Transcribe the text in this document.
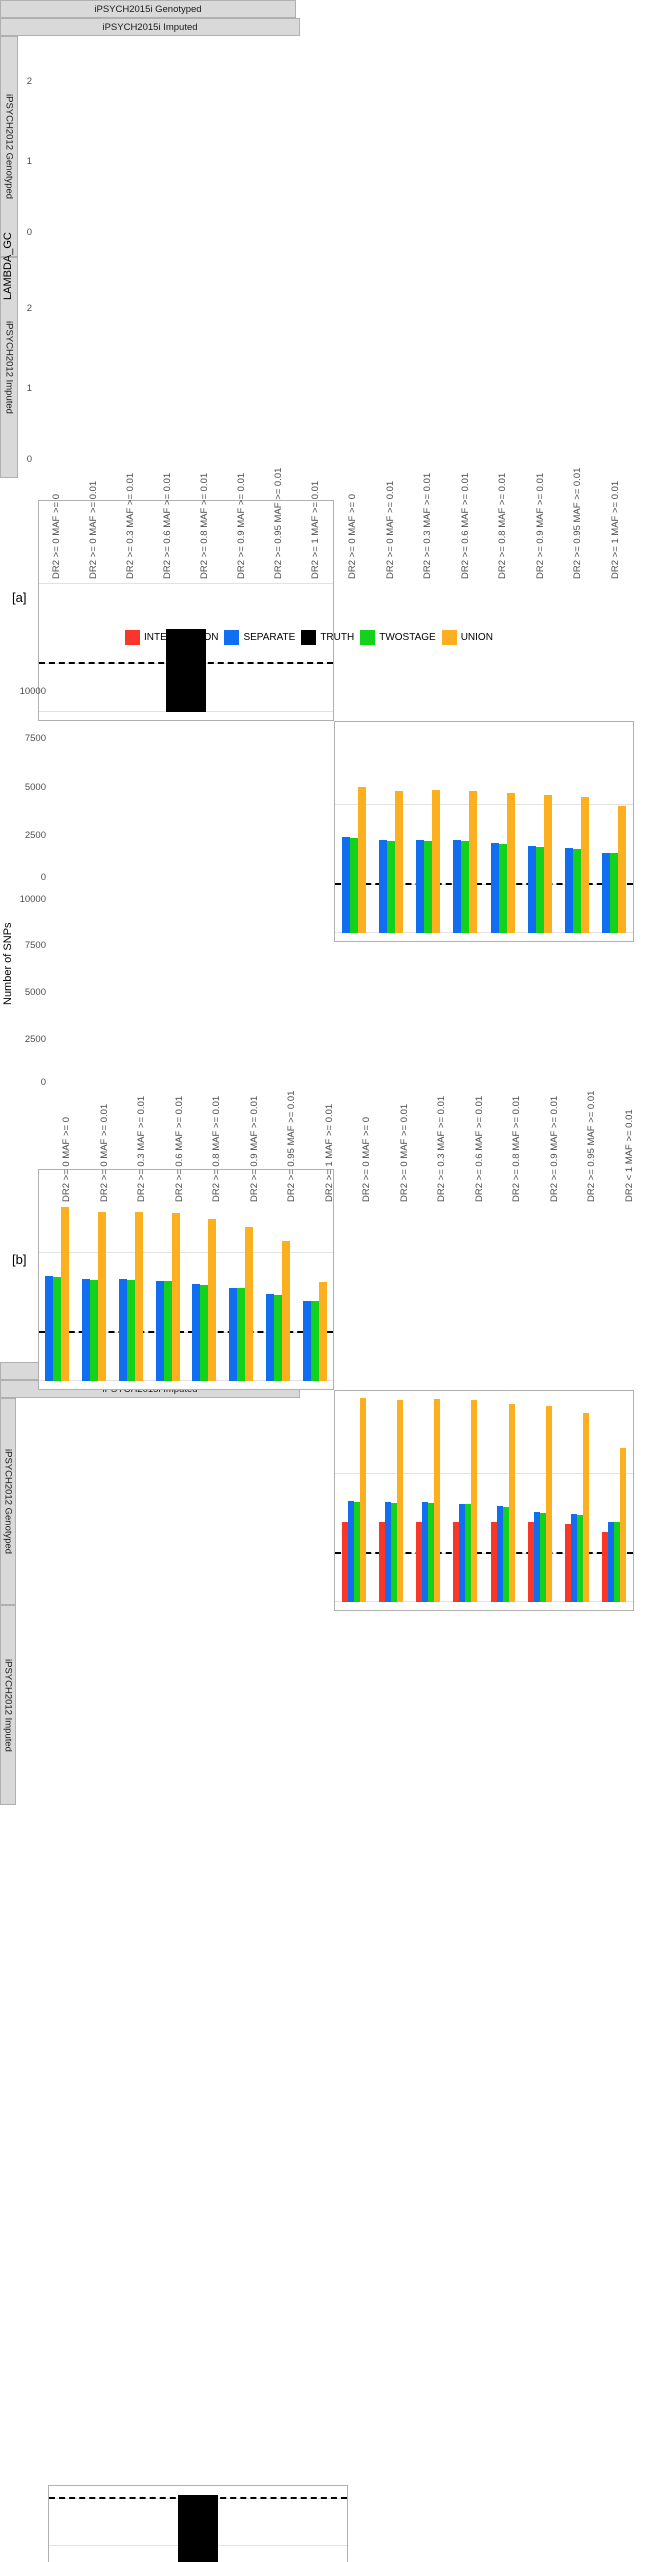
iPSYCH2015i Genotyped
iPSYCH2015i Imputed
iPSYCH2012 Genotyped
iPSYCH2012 Imputed
LAMBDA_GC
2
1
0
2
1
0
DR2 >= 0 MAF >= 0	DR2 >= 0 MAF >= 0.01	DR2 >= 0.3 MAF >= 0.01	DR2 >= 0.6 MAF >= 0.01	DR2 >= 0.8 MAF >= 0.01	DR2 >= 0.9 MAF >= 0.01	DR2 >= 0.95 MAF >= 0.01	DR2 >= 1 MAF >= 0.01	DR2 >= 0 MAF >= 0	DR2 >= 0 MAF >= 0.01	DR2 >= 0.3 MAF >= 0.01	DR2 >= 0.6 MAF >= 0.01	DR2 >= 0.8 MAF >= 0.01	DR2 >= 0.9 MAF >= 0.01	DR2 >= 0.95 MAF >= 0.01	DR2 >= 1 MAF >= 0.01
[a]
INTERSECTION	SEPARATE	TRUTH	TWOSTAGE	UNION
iPSYCH2012 Genotyped
iPSYCH2012 Imputed
Number of SNPs
10000
7500
5000
2500
0
10000
7500
5000
2500
0
DR2 >= 0 MAF >= 0	DR2 >= 0 MAF >= 0.01	DR2 >= 0.3 MAF >= 0.01	DR2 >= 0.6 MAF >= 0.01	DR2 >= 0.8 MAF >= 0.01	DR2 >= 0.9 MAF >= 0.01	DR2 >= 0.95 MAF >= 0.01	DR2 >= 1 MAF >= 0.01	DR2 >= 0 MAF >= 0	DR2 >= 0 MAF >= 0.01	DR2 >= 0.3 MAF >= 0.01	DR2 >= 0.6 MAF >= 0.01	DR2 >= 0.8 MAF >= 0.01	DR2 >= 0.9 MAF >= 0.01	DR2 >= 0.95 MAF >= 0.01	DR2 < 1 MAF >= 0.01
[b]
